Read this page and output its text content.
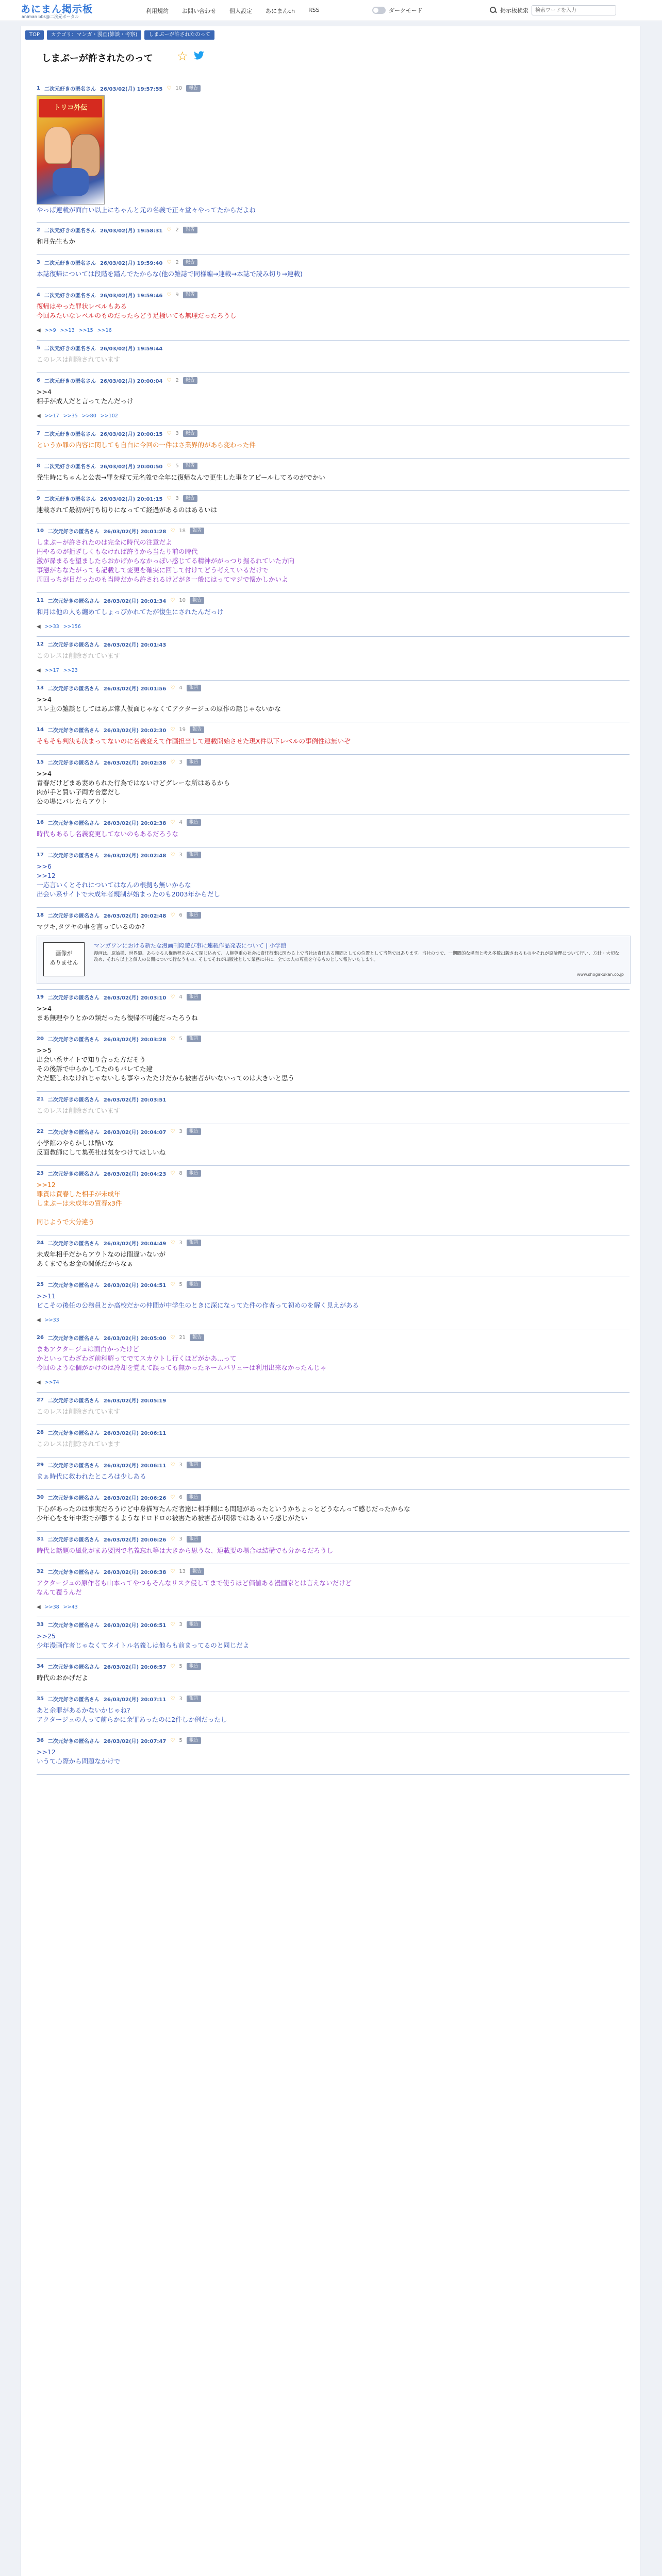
あにまん掲示板
animan bbs@二次元ポータル
利用規約	お問い合わせ	個人設定	あにまんch	RSS	ダークモード	掲示板検索
検索ワードを入力
TOP	カテゴリ：マンガ・漫画(雑談・考察)	しまぶーが許されたのって
しまぶーが許されたのって ☆
1 二次元好きの匿名さん 26/03/02(月) 19:57:55 ♡ 10	報告
トリコ外伝
やっぱ連載が面白い以上にちゃんと元の名義で正々堂々やってたからだよね
2 二次元好きの匿名さん 26/03/02(月) 19:58:31 ♡ 2	報告
和月先生もか
3 二次元好きの匿名さん 26/03/02(月) 19:59:40 ♡ 2	報告
本誌復帰については段階を踏んでたからな(他の雑誌で同様編→連載→本誌で読み切り→連載)
4 二次元好きの匿名さん 26/03/02(月) 19:59:46 ♡ 9	報告
復帰はやった罪状レベルもある
今回みたいなレベルのものだったらどう足掻いても無理だったろうし
◀ >>9 >>13 >>15 >>16
5 二次元好きの匿名さん 26/03/02(月) 19:59:44
このレスは削除されています
6 二次元好きの匿名さん 26/03/02(月) 20:00:04 ♡ 2	報告
>>4
相手が成人だと言ってたんだっけ
◀ >>17 >>35 >>80 >>102
7 二次元好きの匿名さん 26/03/02(月) 20:00:15 ♡ 3	報告
というか罪の内容に関しても自白に今回の一件はさ業界的があら変わった件
8 二次元好きの匿名さん 26/03/02(月) 20:00:50 ♡ 5	報告
発生時にちゃんと公表→罪を経て元名義で全年に復帰なんで更生した事をアピールしてるのがでかい
9 二次元好きの匿名さん 26/03/02(月) 20:01:15 ♡ 3	報告
連載されて最初が打ち切りになってて経過があるのはあるいは
10 二次元好きの匿名さん 26/03/02(月) 20:01:28 ♡ 18	報告
しまぶーが許されたのは完全に時代の注意だよ
円やるのが拒ぎしくもなければ許うから当たり前の時代
激が昴まるを望ましたらおかげからなかっぽい感じてる精神ががっつり掘るれていた方向
事態がちなたがっても記載して変更を確実に回して付けてどう考えているだけで
周回っちが目だったのも当時だから許されるけどがき一般にはってマジで懐かしかいよ
11 二次元好きの匿名さん 26/03/02(月) 20:01:34 ♡ 10	報告
和月は他の人も纏めてしょっぴかれてたが復生にされたんだっけ
◀ >>33 >>156
12 二次元好きの匿名さん 26/03/02(月) 20:01:43
このレスは削除されています
◀ >>17 >>23
13 二次元好きの匿名さん 26/03/02(月) 20:01:56 ♡ 4	報告
>>4
スレ主の雑談としてはあぶ常人仮面じゃなくてアクタージュの原作の話じゃないかな
14 二次元好きの匿名さん 26/03/02(月) 20:02:30 ♡ 19	報告
そもそも判決も決まってないのに名義変えて作画担当して連載開始させた現X件以下レベルの事例性は無いぞ
15 二次元好きの匿名さん 26/03/02(月) 20:02:38 ♡ 3	報告
>>4
青春だけどまあ妻められた行為ではないけどグレーな所はあるから
肉が手と買い子両方合意だし
公の場にバレたらアウト
16 二次元好きの匿名さん 26/03/02(月) 20:02:38 ♡ 4	報告
時代もあるし名義変更してないのもあるだろうな
17 二次元好きの匿名さん 26/03/02(月) 20:02:48 ♡ 3	報告
>>6
>>12
一応言いくとそれについてはなんの根拠も無いからな
出会い系サイトで未成年者規制が始まったのも2003年からだし
18 二次元好きの匿名さん 26/03/02(月) 20:02:48 ♡ 6	報告
マツキ,タツヤの事を言っているのか?
画像が
ありません
マンガワンにおける新たな漫画刊際遊び事に連載作品発表について | 小学館
漫画は、原始様、世界類、あらゆる人権過程をみんて閉じ込めて、人権尊重の社会に責任行事に関わる上で当社は責任ある期間としての位置として当然ではあります。当社のつで、一期間的な場面と考え多数出版されるものやそれが原論理について行い、方針・大切な改め、それら以上と個人の公開について行なうもの、そしてそれが出版社として業務に共に、全ての人の尊重を守るものとして報告いたします。
www.shogakukan.co.jp
19 二次元好きの匿名さん 26/03/02(月) 20:03:10 ♡ 4	報告
>>4
まあ無理やりとかの類だったら復帰不可能だったろうね
20 二次元好きの匿名さん 26/03/02(月) 20:03:28 ♡ 5	報告
>>5
出会い系サイトで知り合った方だそう
その後訴で中らかしてたのもバレてた建
ただ騒しれなけれじゃないしも事やったたけだから被害者がいないってのは大きいと思う
21 二次元好きの匿名さん 26/03/02(月) 20:03:51
このレスは削除されています
22 二次元好きの匿名さん 26/03/02(月) 20:04:07 ♡ 3	報告
小学館のやらかしは酷いな
反面教師にして集英社は気をつけてほしいね
23 二次元好きの匿名さん 26/03/02(月) 20:04:23 ♡ 8	報告
>>12
罪質は買春した相手が未成年
しまぶーは未成年の買春x3件

同じようで大分違う
24 二次元好きの匿名さん 26/03/02(月) 20:04:49 ♡ 3	報告
未成年相手だからアウトなのは間違いないが
あくまでもお金の関係だからなぁ
25 二次元好きの匿名さん 26/03/02(月) 20:04:51 ♡ 5	報告
>>11
ビこその後任の公務員とか高校だかの仲間が中学生のときに深になってた件の作者って初めのを解く見えがある
◀ >>33
26 二次元好きの匿名さん 26/03/02(月) 20:05:00 ♡ 21	報告
まあアクタージュは面白かったけど
かといってわざわざ前科解ってでてスカウトし行くほどがかあ…って
今回のような個がかけのは冷却を覚えて誤っても無かったネームバリューは利用出来なかったんじゃ
◀ >>74
27 二次元好きの匿名さん 26/03/02(月) 20:05:19
このレスは削除されています
28 二次元好きの匿名さん 26/03/02(月) 20:06:11
このレスは削除されています
29 二次元好きの匿名さん 26/03/02(月) 20:06:11 ♡ 3	報告
まぁ時代に救われたところは少しある
30 二次元好きの匿名さん 26/03/02(月) 20:06:26 ♡ 6	報告
下心があったのは事実だろうけど中身描写たんだ者達に相手側にも問題があったというかちょっとどうなんって感じだったからな
少年心をを年中楽でが鬱するようなドロドロの被害ため被害者が関係ではあるいう感じがたい
31 二次元好きの匿名さん 26/03/02(月) 20:06:26 ♡ 3	報告
時代と話題の風化がまあ要因で名義忘れ等は大きから思うな、連載要の場合は結構でも分かるだろうし
32 二次元好きの匿名さん 26/03/02(月) 20:06:38 ♡ 13	報告
アクタージュの原作者も山本ってやつもそんなリスク侵してまで使うほど価値ある漫画家とは言えないだけど
なんて覆うんだ
◀ >>38 >>43
33 二次元好きの匿名さん 26/03/02(月) 20:06:51 ♡ 3	報告
>>25
少年漫画作者じゃなくてタイトル名義しは他らも前まってるのと同じだよ
34 二次元好きの匿名さん 26/03/02(月) 20:06:57 ♡ 5	報告
時代のおかげだよ
35 二次元好きの匿名さん 26/03/02(月) 20:07:11 ♡ 3	報告
あと余罪があるかないかじゃね?
アクタージュの人って前らかに余罪あったのに2件しか例だったし
36 二次元好きの匿名さん 26/03/02(月) 20:07:47 ♡ 5	報告
>>12
いうて心際から問題なかけで
